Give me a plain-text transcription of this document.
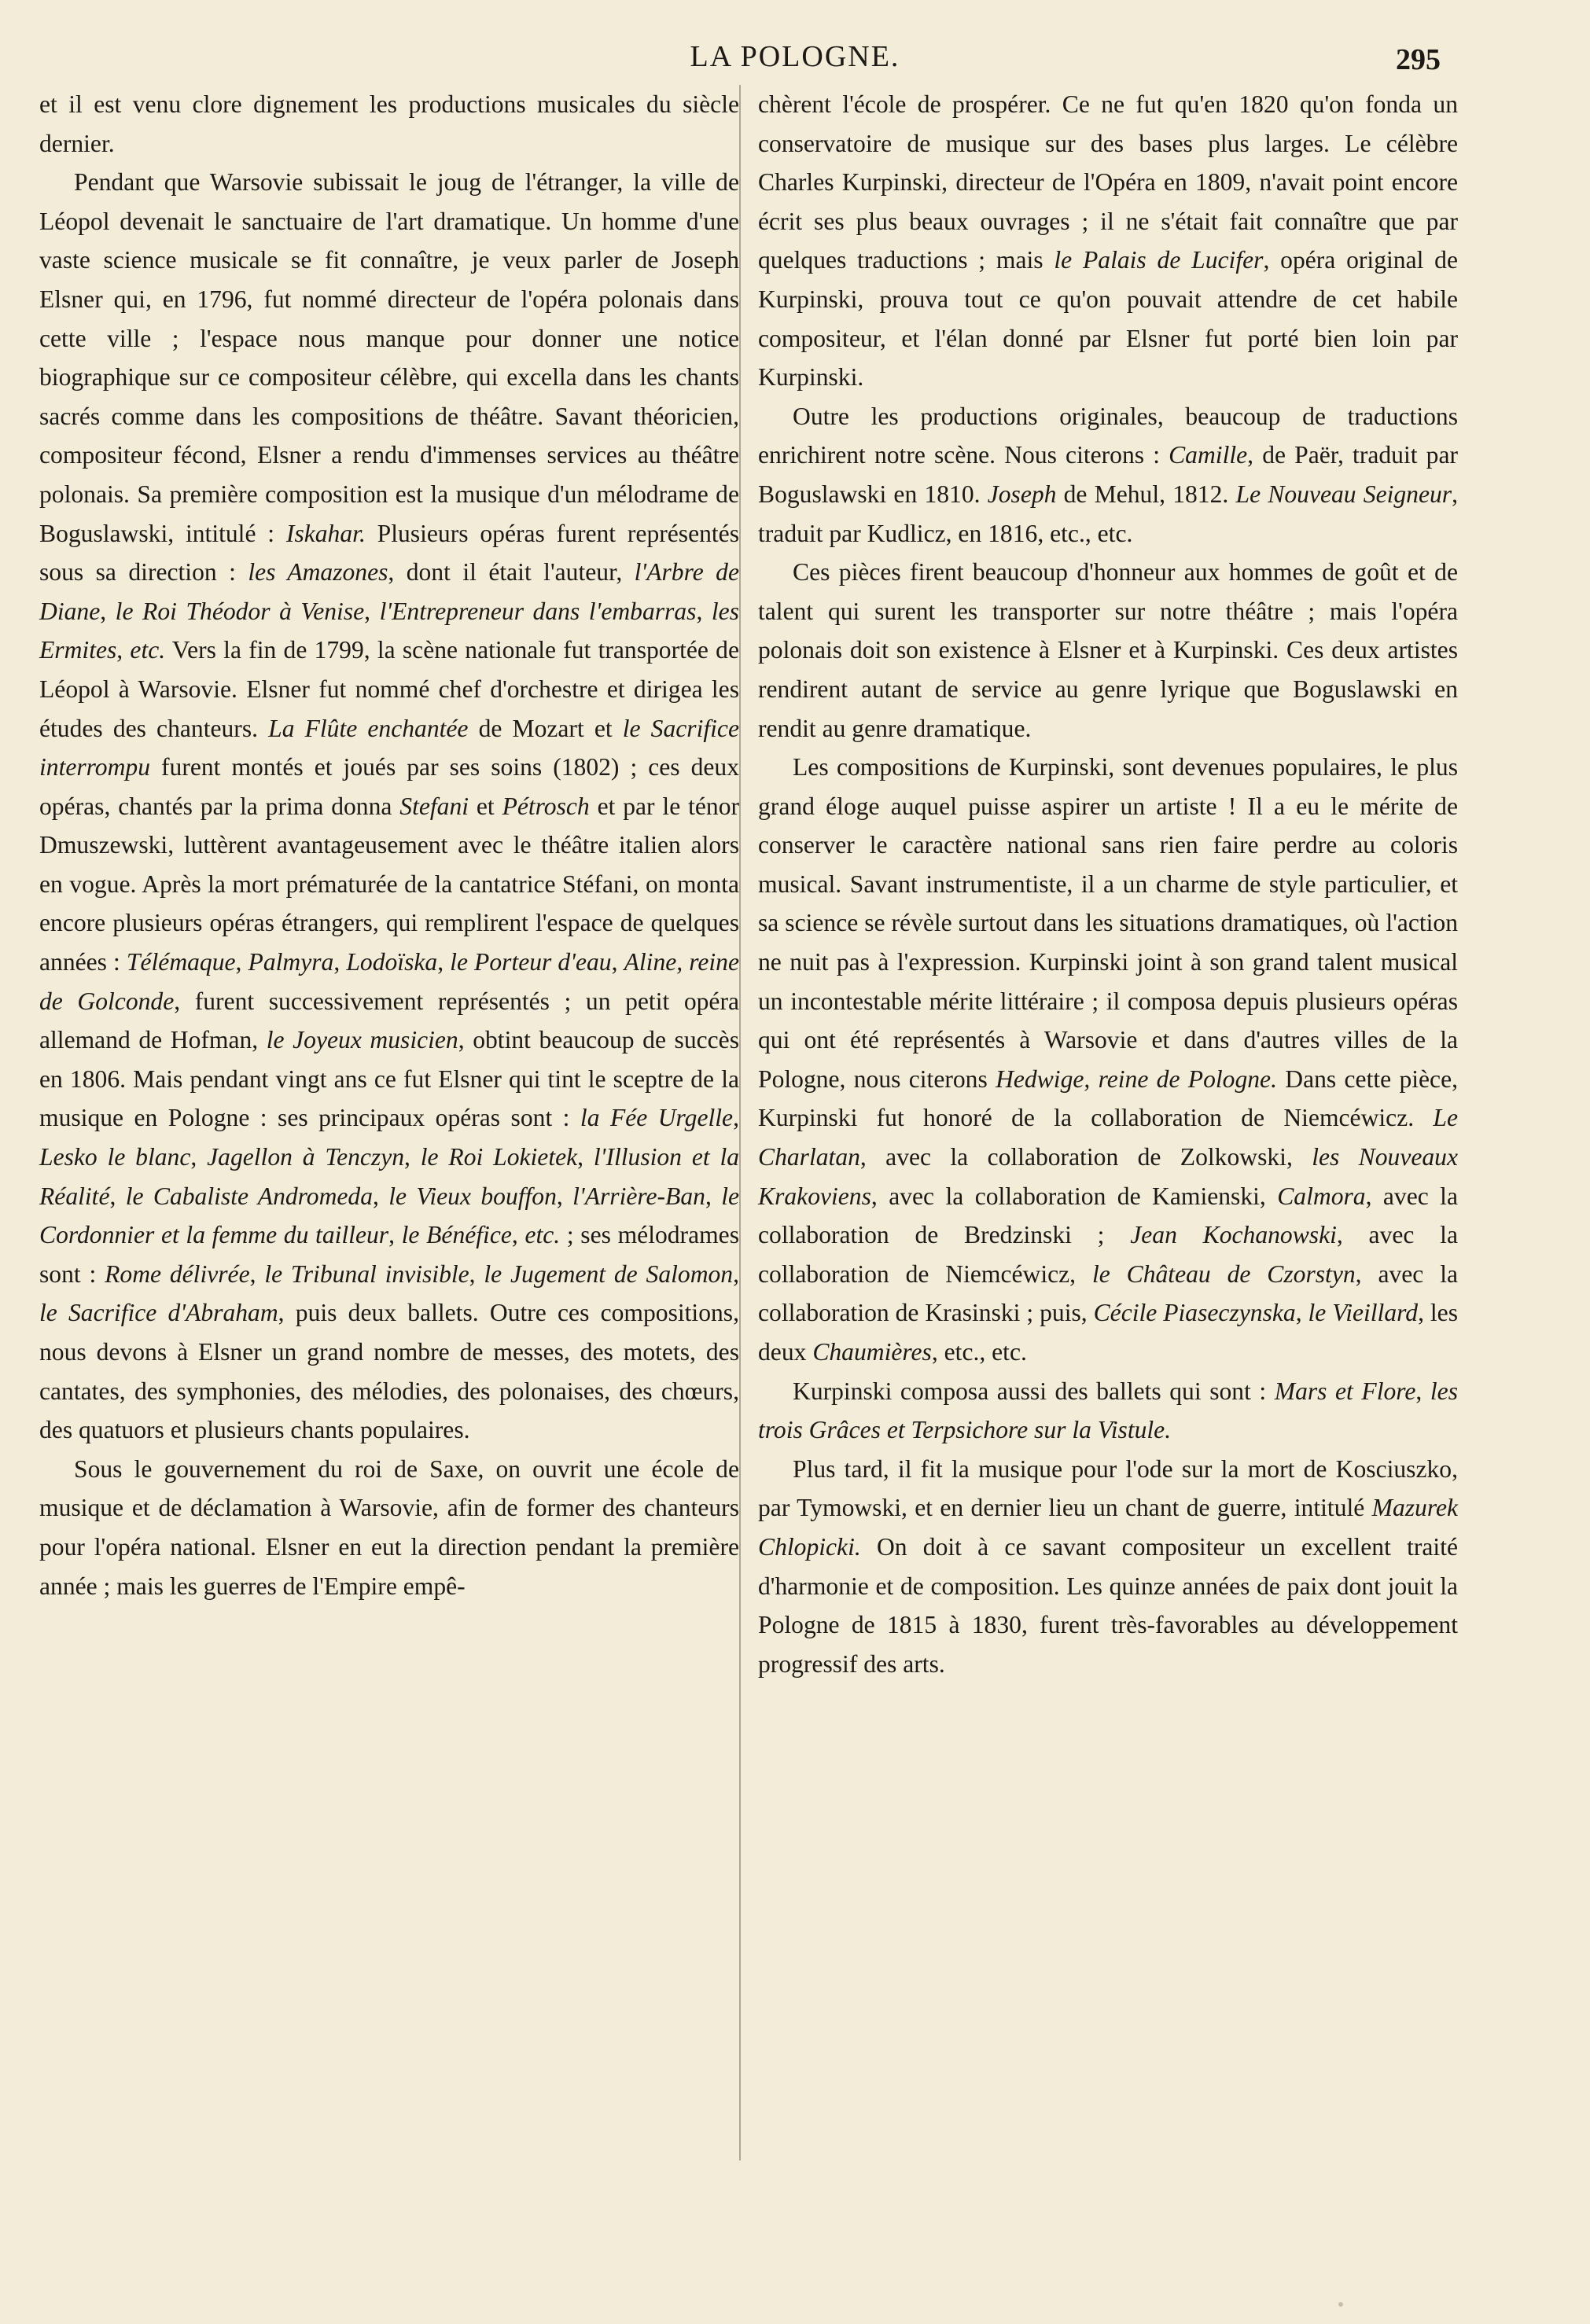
LA POLOGNE.	295

et il est venu clore dignement les productions musicales du siècle dernier.

Pendant que Warsovie subissait le joug de l'étranger, la ville de Léopol devenait le sanctuaire de l'art dramatique. Un homme d'une vaste science musicale se fit connaître, je veux parler de Joseph Elsner qui, en 1796, fut nommé directeur de l'opéra polonais dans cette ville ; l'espace nous manque pour donner une notice biographique sur ce compositeur célèbre, qui excella dans les chants sacrés comme dans les compositions de théâtre. Savant théoricien, compositeur fécond, Elsner a rendu d'immenses services au théâtre polonais. Sa première composition est la musique d'un mélodrame de Boguslawski, intitulé : Iskahar. Plusieurs opéras furent représentés sous sa direction : les Amazones, dont il était l'auteur, l'Arbre de Diane, le Roi Théodor à Venise, l'Entrepreneur dans l'embarras, les Ermites, etc. Vers la fin de 1799, la scène nationale fut transportée de Léopol à Warsovie. Elsner fut nommé chef d'orchestre et dirigea les études des chanteurs. La Flûte enchantée de Mozart et le Sacrifice interrompu furent montés et joués par ses soins (1802) ; ces deux opéras, chantés par la prima donna Stefani et Pétrosch et par le ténor Dmuszewski, luttèrent avantageusement avec le théâtre italien alors en vogue. Après la mort prématurée de la cantatrice Stéfani, on monta encore plusieurs opéras étrangers, qui remplirent l'espace de quelques années : Télémaque, Palmyra, Lodoïska, le Porteur d'eau, Aline, reine de Golconde, furent successivement représentés ; un petit opéra allemand de Hofman, le Joyeux musicien, obtint beaucoup de succès en 1806. Mais pendant vingt ans ce fut Elsner qui tint le sceptre de la musique en Pologne : ses principaux opéras sont : la Fée Urgelle, Lesko le blanc, Jagellon à Tenczyn, le Roi Lokietek, l'Illusion et la Réalité, le Cabaliste Andromeda, le Vieux bouffon, l'Arrière-Ban, le Cordonnier et la femme du tailleur, le Bénéfice, etc. ; ses mélodrames sont : Rome délivrée, le Tribunal invisible, le Jugement de Salomon, le Sacrifice d'Abraham, puis deux ballets. Outre ces compositions, nous devons à Elsner un grand nombre de messes, des motets, des cantates, des symphonies, des mélodies, des polonaises, des chœurs, des quatuors et plusieurs chants populaires.

Sous le gouvernement du roi de Saxe, on ouvrit une école de musique et de déclamation à Warsovie, afin de former des chanteurs pour l'opéra national. Elsner en eut la direction pendant la première année ; mais les guerres de l'Empire empê-

chèrent l'école de prospérer. Ce ne fut qu'en 1820 qu'on fonda un conservatoire de musique sur des bases plus larges. Le célèbre Charles Kurpinski, directeur de l'Opéra en 1809, n'avait point encore écrit ses plus beaux ouvrages ; il ne s'était fait connaître que par quelques traductions ; mais le Palais de Lucifer, opéra original de Kurpinski, prouva tout ce qu'on pouvait attendre de cet habile compositeur, et l'élan donné par Elsner fut porté bien loin par Kurpinski.

Outre les productions originales, beaucoup de traductions enrichirent notre scène. Nous citerons : Camille, de Paër, traduit par Boguslawski en 1810. Joseph de Mehul, 1812. Le Nouveau Seigneur, traduit par Kudlicz, en 1816, etc., etc.

Ces pièces firent beaucoup d'honneur aux hommes de goût et de talent qui surent les transporter sur notre théâtre ; mais l'opéra polonais doit son existence à Elsner et à Kurpinski. Ces deux artistes rendirent autant de service au genre lyrique que Boguslawski en rendit au genre dramatique.

Les compositions de Kurpinski, sont devenues populaires, le plus grand éloge auquel puisse aspirer un artiste ! Il a eu le mérite de conserver le caractère national sans rien faire perdre au coloris musical. Savant instrumentiste, il a un charme de style particulier, et sa science se révèle surtout dans les situations dramatiques, où l'action ne nuit pas à l'expression. Kurpinski joint à son grand talent musical un incontestable mérite littéraire ; il composa depuis plusieurs opéras qui ont été représentés à Warsovie et dans d'autres villes de la Pologne, nous citerons Hedwige, reine de Pologne. Dans cette pièce, Kurpinski fut honoré de la collaboration de Niemcéwicz. Le Charlatan, avec la collaboration de Zolkowski, les Nouveaux Krakoviens, avec la collaboration de Kamienski, Calmora, avec la collaboration de Bredzinski ; Jean Kochanowski, avec la collaboration de Niemcéwicz, le Château de Czorstyn, avec la collaboration de Krasinski ; puis, Cécile Piaseczynska, le Vieillard, les deux Chaumières, etc., etc.

Kurpinski composa aussi des ballets qui sont : Mars et Flore, les trois Grâces et Terpsichore sur la Vistule.

Plus tard, il fit la musique pour l'ode sur la mort de Kosciuszko, par Tymowski, et en dernier lieu un chant de guerre, intitulé Mazurek Chlopicki. On doit à ce savant compositeur un excellent traité d'harmonie et de composition. Les quinze années de paix dont jouit la Pologne de 1815 à 1830, furent très-favorables au développement progressif des arts.
